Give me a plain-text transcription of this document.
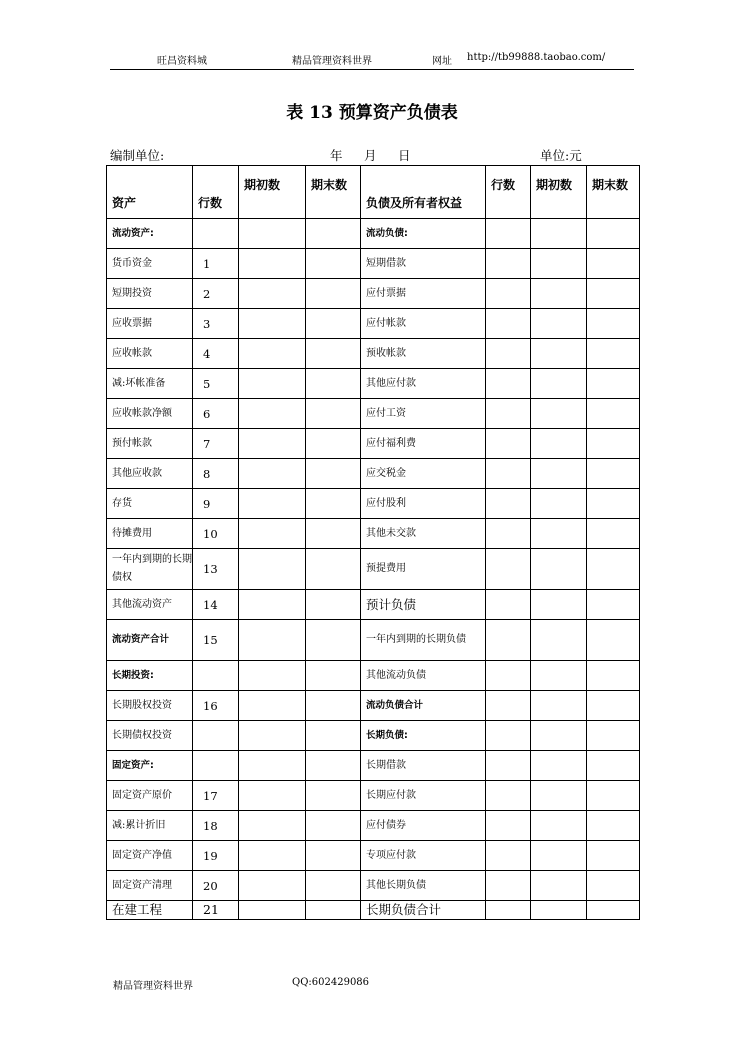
旺昌资料城	精品管理资料世界	网址 http://tb99888.taobao.com/
表 13 预算资产负债表
编制单位:	年 月 日	单位:元
资产	行数	期初数	期末数	负债及所有者权益	行数	期初数	期末数
流动资产:				流动负债:			
货币资金	1			短期借款			
短期投资	2			应付票据			
应收票据	3			应付帐款			
应收帐款	4			预收帐款			
减:坏帐准备	5			其他应付款			
应收帐款净额	6			应付工资			
预付帐款	7			应付福利费			
其他应收款	8			应交税金			
存货	9			应付股利			
待摊费用	10			其他未交款			
一年内到期的长期债权	13			预提费用			
其他流动资产	14			预计负债			
流动资产合计	15			一年内到期的长期负债			
长期投资:				其他流动负债			
长期股权投资	16			流动负债合计			
长期债权投资				长期负债:			
固定资产:				长期借款			
固定资产原价	17			长期应付款			
减:累计折旧	18			应付债券			
固定资产净值	19			专项应付款			
固定资产清理	20			其他长期负债			
在建工程	21			长期负债合计			
精品管理资料世界	QQ:602429086
